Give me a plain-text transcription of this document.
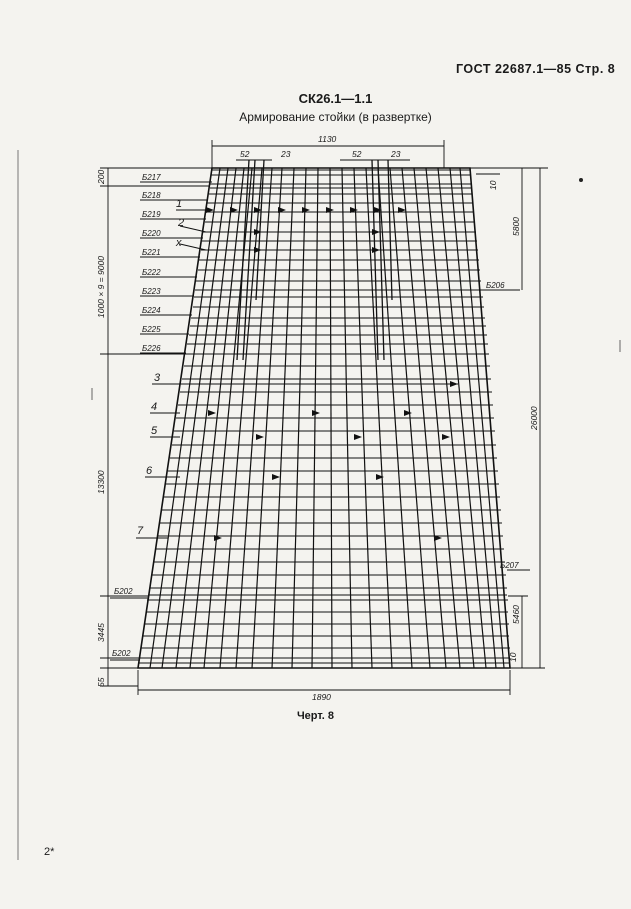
ГОСТ 22687.1—85 Стр. 8
СК26.1—1.1
Армирование стойки (в развертке)
1130
52	23	52	23
1890
200
1000 × 9 = 9000
13300
3445
55
10
5800
26000
5460
10
Б217
Б218
Б219
Б220
Б221
Б222
Б223
Б224
Б225
Б226
Б202
Б202
Б206
Б207
1
2
x
3
4
5
6
7
Черт. 8
2*
